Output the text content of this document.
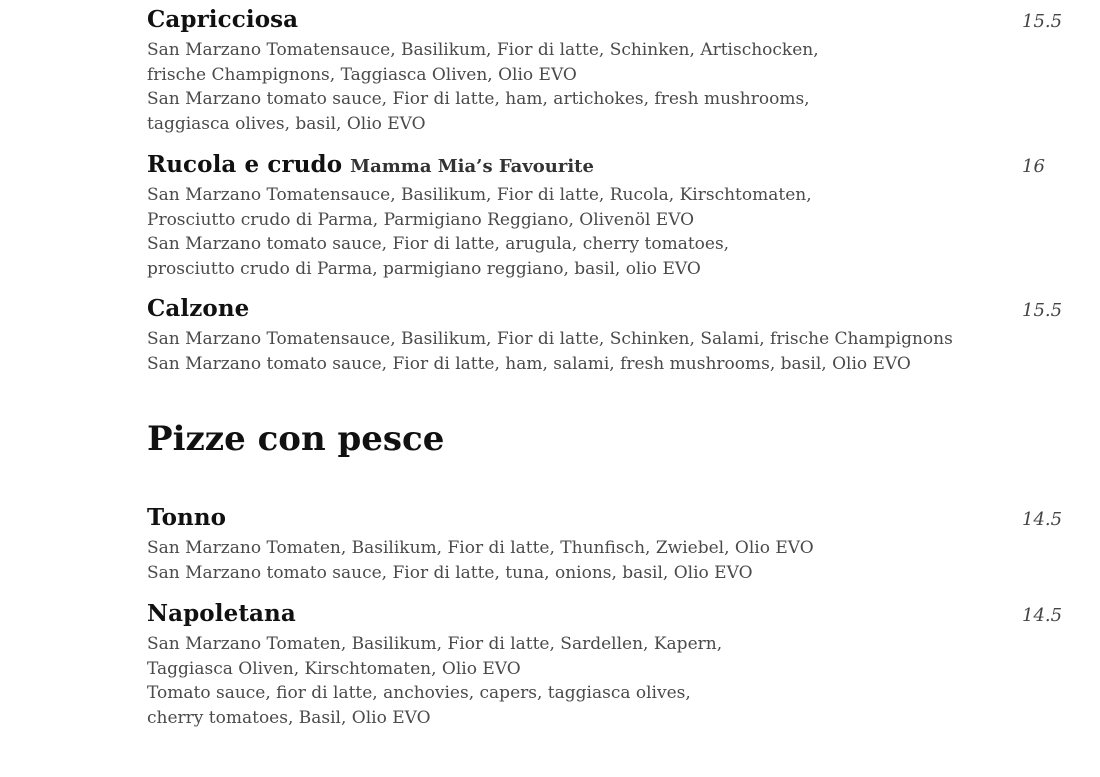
Capricciosa	15.5
San Marzano Tomatensauce, Basilikum, Fior di latte, Schinken, Artischocken,
frische Champignons, Taggiasca Oliven, Olio EVO
San Marzano tomato sauce, Fior di latte, ham, artichokes, fresh mushrooms,
taggiasca olives, basil, Olio EVO
Rucola e crudo Mamma Mia’s Favourite	16
San Marzano Tomatensauce, Basilikum, Fior di latte, Rucola, Kirschtomaten,
Prosciutto crudo di Parma, Parmigiano Reggiano, Olivenöl EVO
San Marzano tomato sauce, Fior di latte, arugula, cherry tomatoes,
prosciutto crudo di Parma, parmigiano reggiano, basil, olio EVO
Calzone	15.5
San Marzano Tomatensauce, Basilikum, Fior di latte, Schinken, Salami, frische Champignons
San Marzano tomato sauce, Fior di latte, ham, salami, fresh mushrooms, basil, Olio EVO
Pizze con pesce
Tonno	14.5
San Marzano Tomaten, Basilikum, Fior di latte, Thunfisch, Zwiebel, Olio EVO
San Marzano tomato sauce, Fior di latte, tuna, onions, basil, Olio EVO
Napoletana	14.5
San Marzano Tomaten, Basilikum, Fior di latte, Sardellen, Kapern,
Taggiasca Oliven, Kirschtomaten, Olio EVO
Tomato sauce, fior di latte, anchovies, capers, taggiasca olives,
cherry tomatoes, Basil, Olio EVO
